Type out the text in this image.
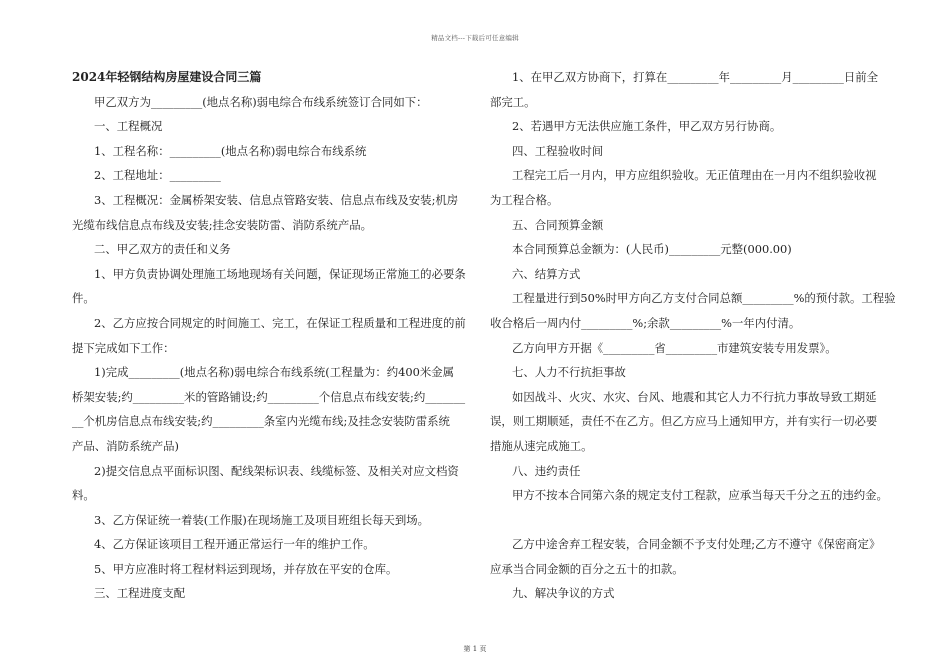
精品文档---下载后可任意编辑

2024年轻钢结构房屋建设合同三篇

甲乙双方为_________(地点名称)弱电综合布线系统签订合同如下：

一、工程概况

1、工程名称：_________(地点名称)弱电综合布线系统

2、工程地址：_________

3、工程概况：金属桥架安装、信息点管路安装、信息点布线及安装;机房

光缆布线信息点布线及安装;挂念安装防雷、消防系统产品。

二、甲乙双方的责任和义务

1、甲方负责协调处理施工场地现场有关问题，保证现场正常施工的必要条

件。

2、乙方应按合同规定的时间施工、完工，在保证工程质量和工程进度的前

提下完成如下工作：

1)完成_________(地点名称)弱电综合布线系统(工程量为：约400米金属

桥架安装;约_________米的管路铺设;约_________个信息点布线安装;约_______

__个机房信息点布线安装;约_________条室内光缆布线;及挂念安装防雷系统

产品、消防系统产品)

2)提交信息点平面标识图、配线架标识表、线缆标签、及相关对应文档资

料。

3、乙方保证统一着装(工作服)在现场施工及项目班组长每天到场。

4、乙方保证该项目工程开通正常运行一年的维护工作。

5、甲方应准时将工程材料运到现场，并存放在平安的仓库。

三、工程进度支配

1、在甲乙双方协商下，打算在_________年_________月_________日前全

部完工。

2、若遇甲方无法供应施工条件，甲乙双方另行协商。

四、工程验收时间

工程完工后一月内，甲方应组织验收。无正值理由在一月内不组织验收视

为工程合格。

五、合同预算金额

本合同预算总金额为：(人民币)_________元整(000.00)

六、结算方式

工程量进行到50%时甲方向乙方支付合同总额_________%的预付款。工程验

收合格后一周内付_________%;余款_________%一年内付清。

乙方向甲方开据《_________省_________市建筑安装专用发票》。

七、人力不行抗拒事故

如因战斗、火灾、水灾、台风、地震和其它人力不行抗力事故导致工期延

误，则工期顺延，责任不在乙方。但乙方应马上通知甲方，并有实行一切必要

措施从速完成施工。

八、违约责任

甲方不按本合同第六条的规定支付工程款，应承当每天千分之五的违约金。

乙方中途舍弃工程安装，合同金额不予支付处理;乙方不遵守《保密商定》

应承当合同金额的百分之五十的扣款。

九、解决争议的方式

第 1 页
